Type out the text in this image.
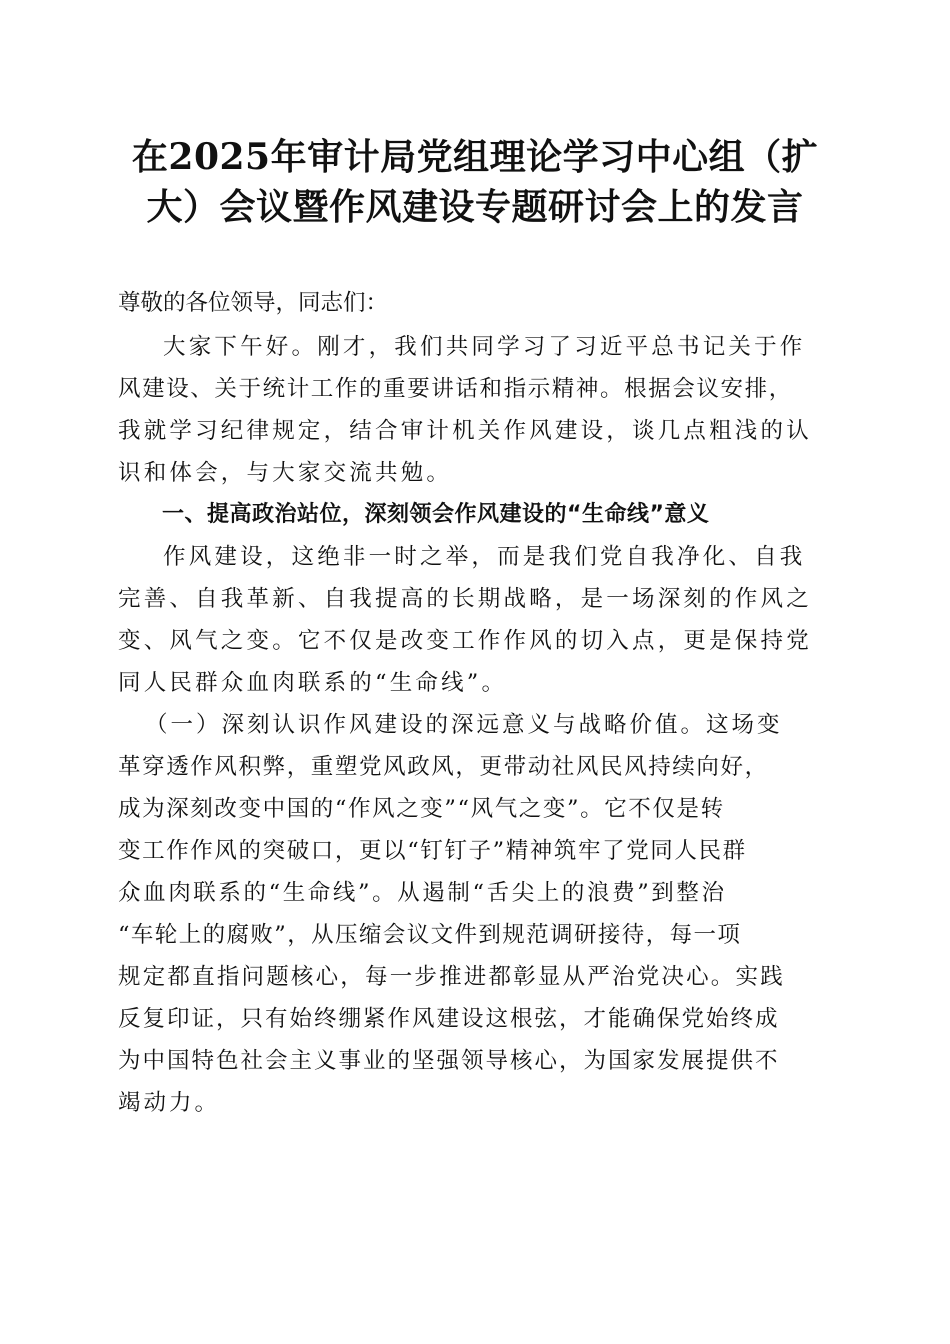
在2025年审计局党组理论学习中心组（扩
大）会议暨作风建设专题研讨会上的发言

尊敬的各位领导，同志们：

大家下午好。刚才，我们共同学习了习近平总书记关于作
风建设、关于统计工作的重要讲话和指示精神。根据会议安排，
我就学习纪律规定，结合审计机关作风建设，谈几点粗浅的认
识和体会，与大家交流共勉。

一、提高政治站位，深刻领会作风建设的“生命线”意义

作风建设，这绝非一时之举，而是我们党自我净化、自我
完善、自我革新、自我提高的长期战略，是一场深刻的作风之
变、风气之变。它不仅是改变工作作风的切入点，更是保持党
同人民群众血肉联系的“生命线”。

（一）深刻认识作风建设的深远意义与战略价值。这场变
革穿透作风积弊，重塑党风政风，更带动社风民风持续向好，
成为深刻改变中国的“作风之变”“风气之变”。它不仅是转
变工作作风的突破口，更以“钉钉子”精神筑牢了党同人民群
众血肉联系的“生命线”。从遏制“舌尖上的浪费”到整治
“车轮上的腐败”，从压缩会议文件到规范调研接待，每一项
规定都直指问题核心，每一步推进都彰显从严治党决心。实践
反复印证，只有始终绷紧作风建设这根弦，才能确保党始终成
为中国特色社会主义事业的坚强领导核心，为国家发展提供不
竭动力。
